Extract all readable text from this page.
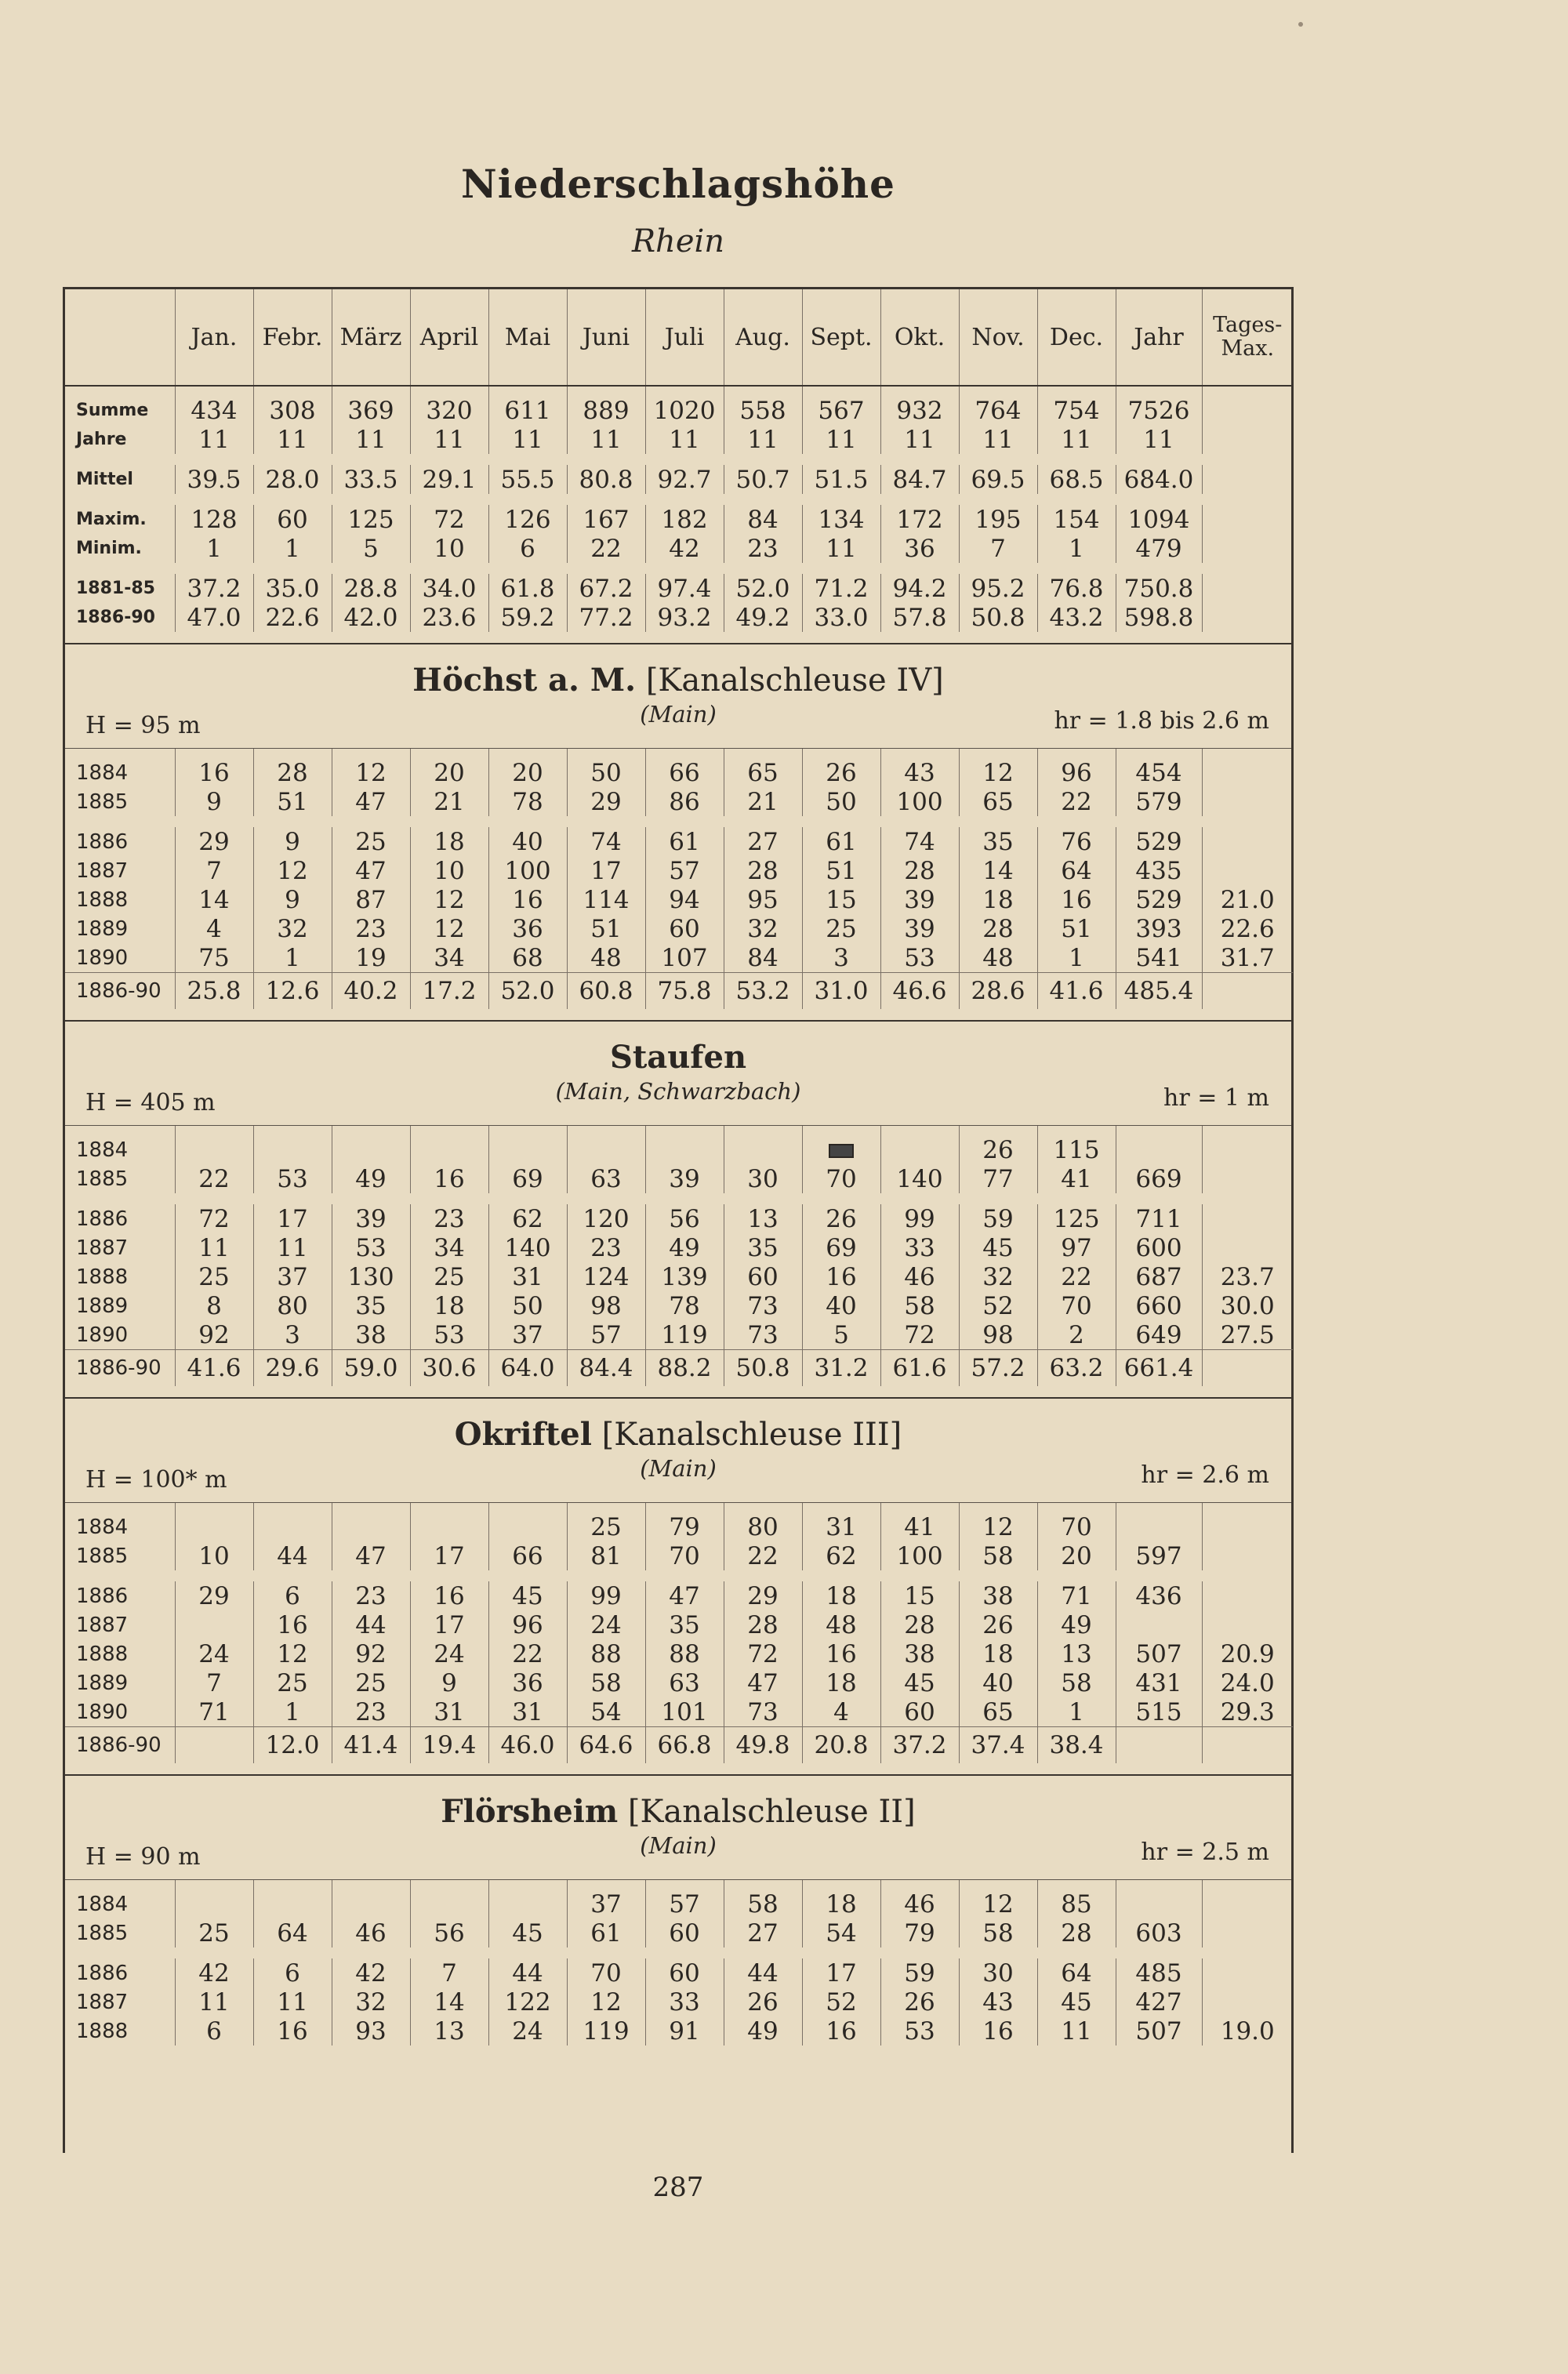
Niederschlagshöhe
Rhein
	Jan.	Febr.	März	April	Mai	Juni	Juli	Aug.	Sept.	Okt.	Nov.	Dec.	Jahr	Tages-Max.
Summe	434	308	369	320	611	889	1020	558	567	932	764	754	7526	
Jahre	11	11	11	11	11	11	11	11	11	11	11	11	11	

Mittel	39.5	28.0	33.5	29.1	55.5	80.8	92.7	50.7	51.5	84.7	69.5	68.5	684.0	

Maxim.	128	60	125	72	126	167	182	84	134	172	195	154	1094	
Minim.	1	1	5	10	6	22	42	23	11	36	7	1	479	

1881-85	37.2	35.0	28.8	34.0	61.8	67.2	97.4	52.0	71.2	94.2	95.2	76.8	750.8	
1886-90	47.0	22.6	42.0	23.6	59.2	77.2	93.2	49.2	33.0	57.8	50.8	43.2	598.8	

Höchst a. M. [Kanalschleuse IV]
(Main)
H = 95 m	hr = 1.8 bis 2.6 m
1884	16	28	12	20	20	50	66	65	26	43	12	96	454	
1885	9	51	47	21	78	29	86	21	50	100	65	22	579	

1886	29	9	25	18	40	74	61	27	61	74	35	76	529	
1887	7	12	47	10	100	17	57	28	51	28	14	64	435	
1888	14	9	87	12	16	114	94	95	15	39	18	16	529	21.0
1889	4	32	23	12	36	51	60	32	25	39	28	51	393	22.6
1890	75	1	19	34	68	48	107	84	3	53	48	1	541	31.7
1886-90	25.8	12.6	40.2	17.2	52.0	60.8	75.8	53.2	31.0	46.6	28.6	41.6	485.4	

Staufen
(Main, Schwarzbach)
H = 405 m	hr = 1 m
1884											26	115		
1885	22	53	49	16	69	63	39	30	70	140	77	41	669	

1886	72	17	39	23	62	120	56	13	26	99	59	125	711	
1887	11	11	53	34	140	23	49	35	69	33	45	97	600	
1888	25	37	130	25	31	124	139	60	16	46	32	22	687	23.7
1889	8	80	35	18	50	98	78	73	40	58	52	70	660	30.0
1890	92	3	38	53	37	57	119	73	5	72	98	2	649	27.5
1886-90	41.6	29.6	59.0	30.6	64.0	84.4	88.2	50.8	31.2	61.6	57.2	63.2	661.4	

Okriftel [Kanalschleuse III]
(Main)
H = 100* m	hr = 2.6 m
1884						25	79	80	31	41	12	70		
1885	10	44	47	17	66	81	70	22	62	100	58	20	597	

1886	29	6	23	16	45	99	47	29	18	15	38	71	436	
1887		16	44	17	96	24	35	28	48	28	26	49		
1888	24	12	92	24	22	88	88	72	16	38	18	13	507	20.9
1889	7	25	25	9	36	58	63	47	18	45	40	58	431	24.0
1890	71	1	23	31	31	54	101	73	4	60	65	1	515	29.3
1886-90		12.0	41.4	19.4	46.0	64.6	66.8	49.8	20.8	37.2	37.4	38.4		

Flörsheim [Kanalschleuse II]
(Main)
H = 90 m	hr = 2.5 m
1884						37	57	58	18	46	12	85		
1885	25	64	46	56	45	61	60	27	54	79	58	28	603	

1886	42	6	42	7	44	70	60	44	17	59	30	64	485	
1887	11	11	32	14	122	12	33	26	52	26	43	45	427	
1888	6	16	93	13	24	119	91	49	16	53	16	11	507	19.0

287
